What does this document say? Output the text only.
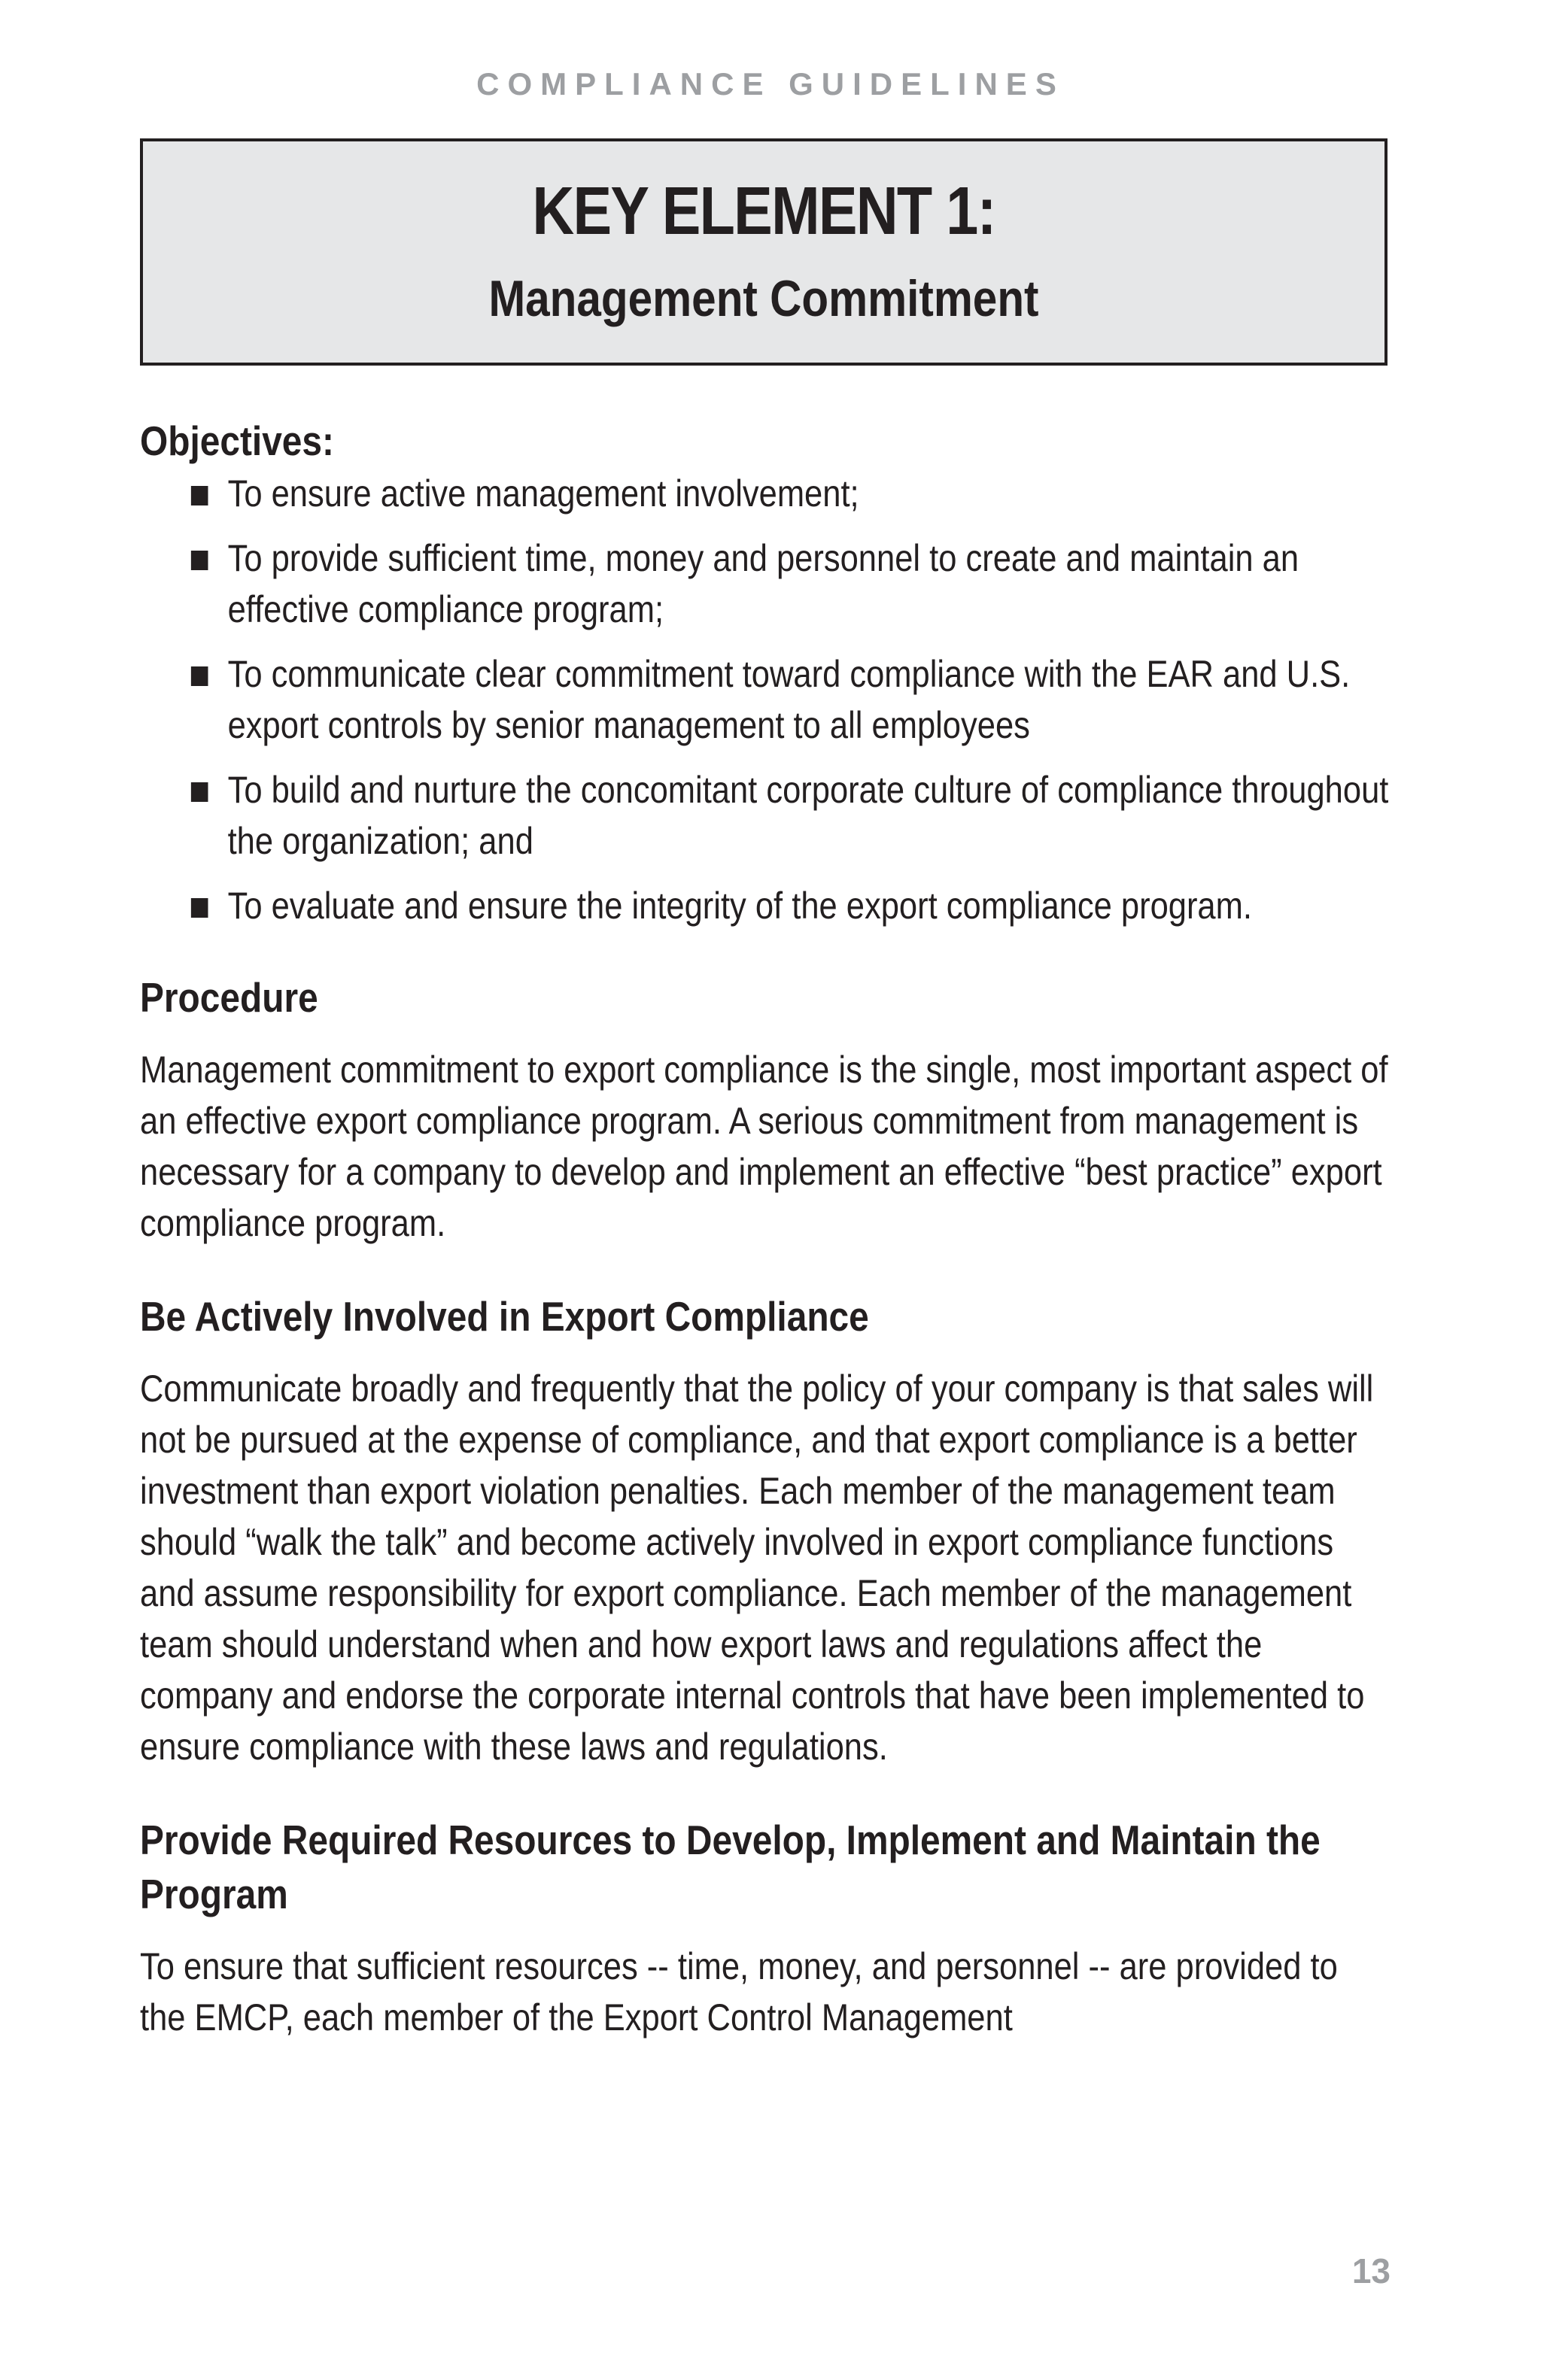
COMPLIANCE GUIDELINES
KEY ELEMENT 1:
Management Commitment
Objectives:
To ensure active management involvement;
To provide sufficient time, money and personnel to create and maintain an effective compliance program;
To communicate clear commitment toward compliance with the EAR and U.S. export controls by senior management to all employees
To build and nurture the concomitant corporate culture of compliance throughout the organization; and
To evaluate and ensure the integrity of the export compliance program.
Procedure

Management commitment to export compliance is the single, most important aspect of an effective export compliance program. A serious commitment from management is necessary for a company to develop and implement an effective “best practice” export compliance program.

Be Actively Involved in Export Compliance

Communicate broadly and frequently that the policy of your company is that sales will not be pursued at the expense of compliance, and that export compliance is a better investment than export violation penalties. Each member of the management team should “walk the talk” and become actively involved in export compliance functions and assume responsibility for export compliance. Each member of the management team should understand when and how export laws and regulations affect the company and endorse the corporate internal controls that have been implemented to ensure compliance with these laws and regulations.

Provide Required Resources to Develop, Implement and Maintain the Program

To ensure that sufficient resources -- time, money, and personnel -- are provided to the EMCP, each member of the Export Control Management

13
